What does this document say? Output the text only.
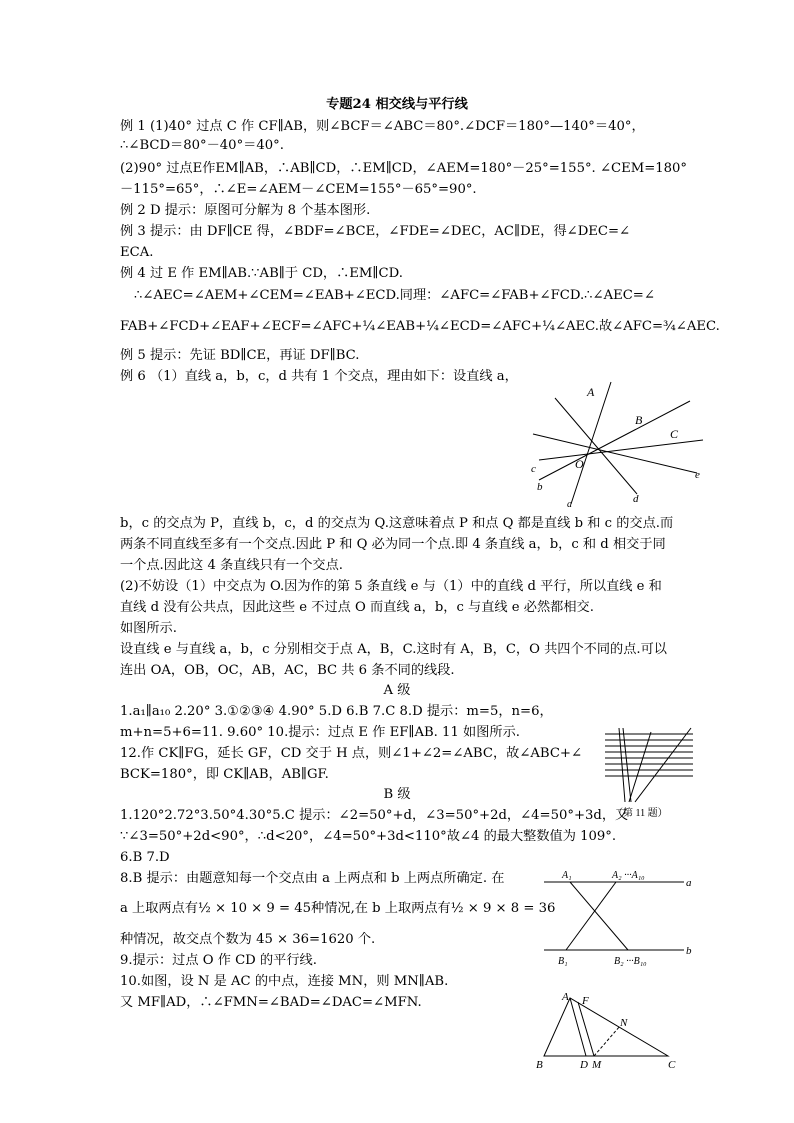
专题24 相交线与平行线
例 1 (1)40° 过点 C 作 CF∥AB，则∠BCF＝∠ABC＝80°.∠DCF＝180°—140°＝40°，
∴∠BCD＝80°－40°＝40°.
(2)90° 过点E作EM∥AB，∴AB∥CD，∴EM∥CD，∠AEM=180°－25°=155°. ∠CEM=180°
－115°=65°，∴∠E=∠AEM－∠CEM=155°－65°=90°.
例 2 D 提示：原图可分解为 8 个基本图形.
例 3 提示：由 DF∥CE 得，∠BDF=∠BCE，∠FDE=∠DEC，AC∥DE，得∠DEC=∠
ECA.
例 4 过 E 作 EM∥AB.∵AB∥于 CD，∴EM∥CD.
∴∠AEC=∠AEM+∠CEM=∠EAB+∠ECD.同理：∠AFC=∠FAB+∠FCD.∴∠AEC=∠
FAB+∠FCD+∠EAF+∠ECF=∠AFC+¼∠EAB+¼∠ECD=∠AFC+¼∠AEC.故∠AFC=¾∠AEC.
例 5 提示：先证 BD∥CE，再证 DF∥BC.
例 6 （1）直线 a，b，c，d 共有 1 个交点，理由如下：设直线 a，
b，c 的交点为 P，直线 b，c，d 的交点为 Q.这意味着点 P 和点 Q 都是直线 b 和 c 的交点.而
两条不同直线至多有一个交点.因此 P 和 Q 必为同一个点.即 4 条直线 a，b，c 和 d 相交于同
一个点.因此这 4 条直线只有一个交点.
(2)不妨设（1）中交点为 O.因为作的第 5 条直线 e 与（1）中的直线 d 平行，所以直线 e 和
直线 d 没有公共点，因此这些 e 不过点 O 而直线 a，b，c 与直线 e 必然都相交.
如图所示.
设直线 e 与直线 a，b，c 分别相交于点 A，B，C.这时有 A，B，C，O 共四个不同的点.可以
连出 OA，OB，OC，AB，AC，BC 共 6 条不同的线段.
A 级
1.a₁∥a₁₀ 2.20° 3.①②③④ 4.90° 5.D 6.B 7.C 8.D 提示：m=5，n=6，
m+n=5+6=11. 9.60° 10.提示：过点 E 作 EF∥AB. 11 如图所示.
12.作 CK∥FG，延长 GF，CD 交于 H 点，则∠1+∠2=∠ABC，故∠ABC+∠
BCK=180°，即 CK∥AB，AB∥GF.
B 级
1.120°2.72°3.50°4.30°5.C 提示：∠2=50°+d，∠3=50°+2d，∠4=50°+3d，又
∵∠3=50°+2d<90°，∴d<20°，∠4=50°+3d<110°故∠4 的最大整数值为 109°.
6.B 7.D
8.B 提示：由题意知每一个交点由 a 上两点和 b 上两点所确定. 在
a 上取两点有½ × 10 × 9 = 45种情况,在 b 上取两点有½ × 9 × 8 = 36
种情况，故交点个数为 45 × 36=1620 个.
9.提示：过点 O 作 CD 的平行线.
10.如图，设 N 是 AC 的中点，连接 MN，则 MN∥AB.
又 MF∥AD，∴∠FMN=∠BAD=∠DAC=∠MFN.
A
B
C
c	O
e
b
a	d
（第 11 题）
A₁	A₂ ···A₁₀
a
B₁	B₂ ···B₁₀
b
A F
N
B	D M	C
